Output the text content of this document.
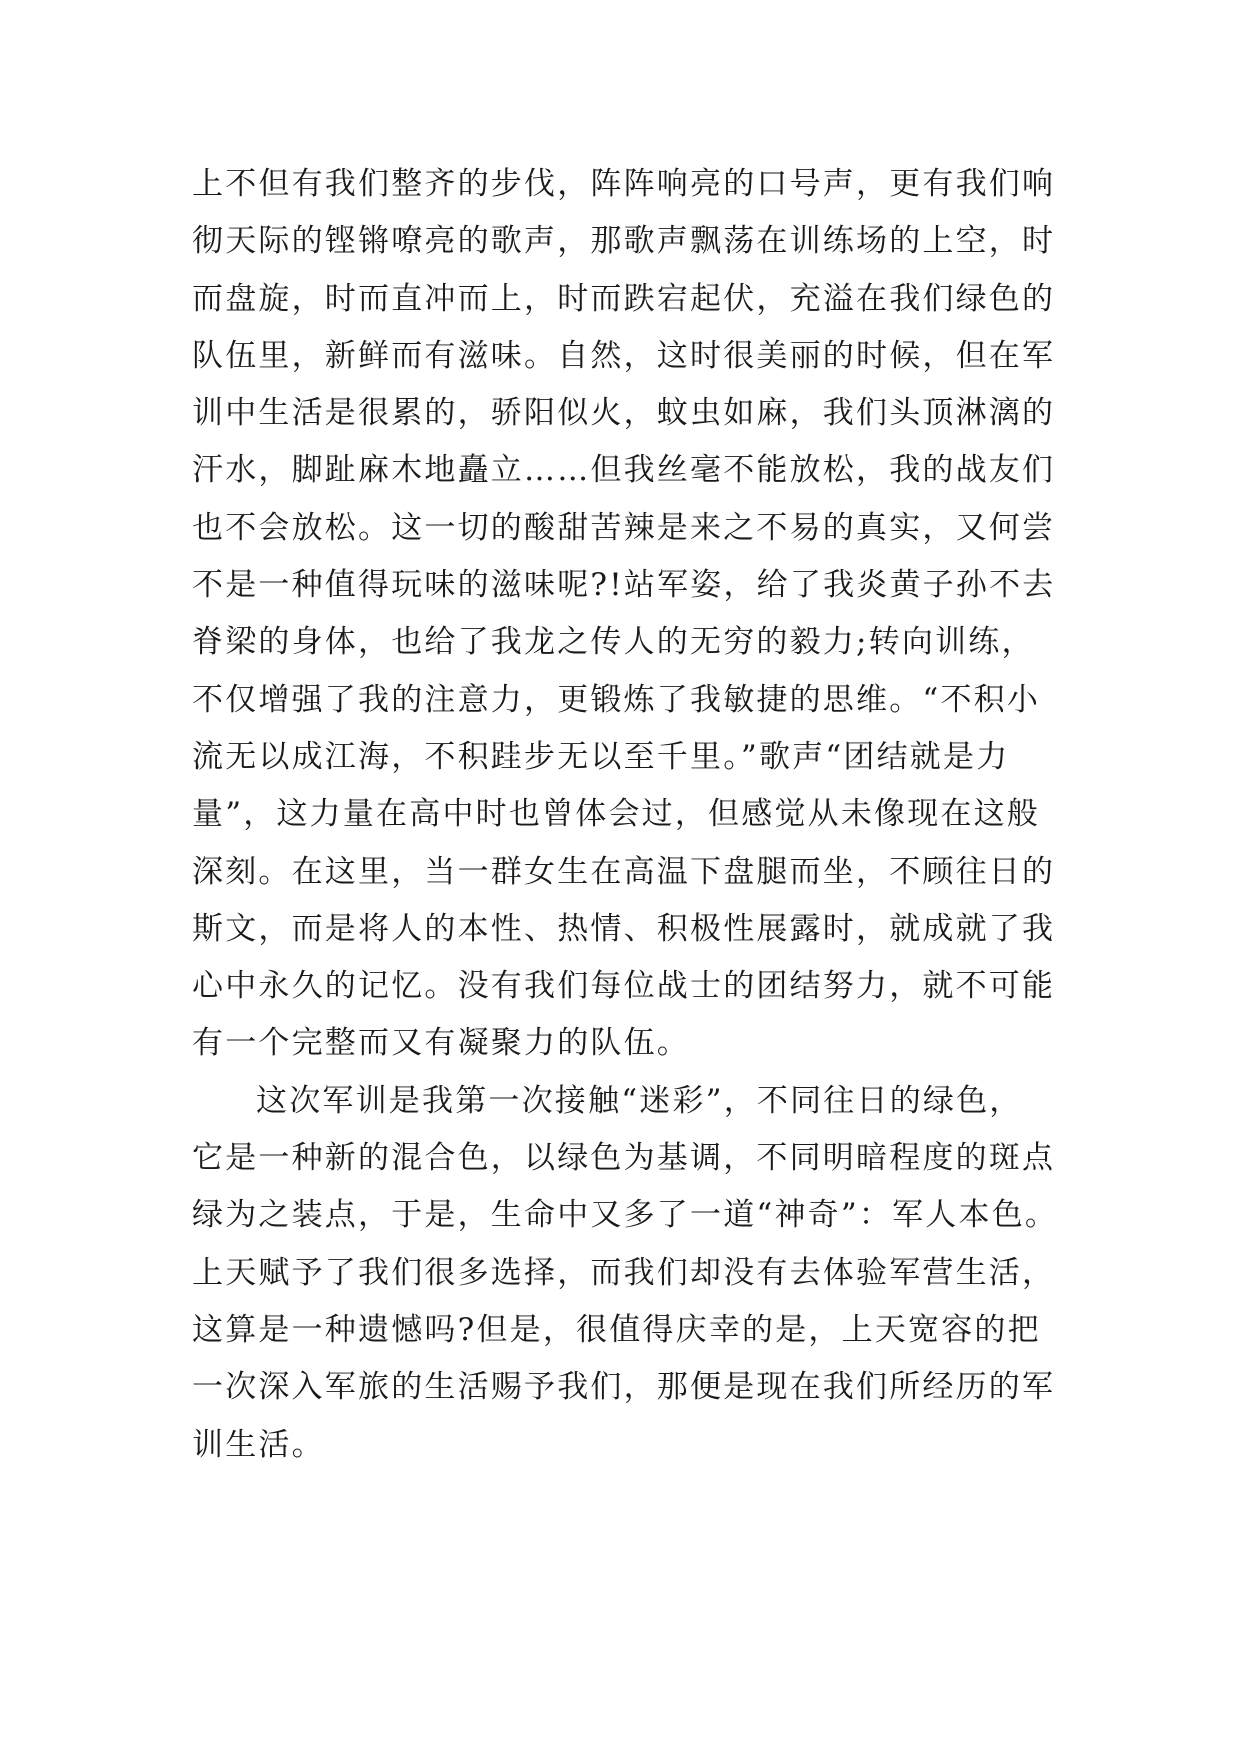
上不但有我们整齐的步伐，阵阵响亮的口号声，更有我们响
彻天际的铿锵嘹亮的歌声，那歌声飘荡在训练场的上空，时
而盘旋，时而直冲而上，时而跌宕起伏，充溢在我们绿色的
队伍里，新鲜而有滋味。自然，这时很美丽的时候，但在军
训中生活是很累的，骄阳似火，蚊虫如麻，我们头顶淋漓的
汗水，脚趾麻木地矗立……但我丝毫不能放松，我的战友们
也不会放松。这一切的酸甜苦辣是来之不易的真实，又何尝
不是一种值得玩味的滋味呢?!站军姿，给了我炎黄子孙不去
脊梁的身体，也给了我龙之传人的无穷的毅力;转向训练，
不仅增强了我的注意力，更锻炼了我敏捷的思维。“不积小
流无以成江海，不积跬步无以至千里。”歌声“团结就是力
量”，这力量在高中时也曾体会过，但感觉从未像现在这般
深刻。在这里，当一群女生在高温下盘腿而坐，不顾往日的
斯文，而是将人的本性、热情、积极性展露时，就成就了我
心中永久的记忆。没有我们每位战士的团结努力，就不可能
有一个完整而又有凝聚力的队伍。
这次军训是我第一次接触“迷彩”，不同往日的绿色，
它是一种新的混合色，以绿色为基调，不同明暗程度的斑点
绿为之装点，于是，生命中又多了一道“神奇”：军人本色。
上天赋予了我们很多选择，而我们却没有去体验军营生活，
这算是一种遗憾吗?但是，很值得庆幸的是，上天宽容的把
一次深入军旅的生活赐予我们，那便是现在我们所经历的军
训生活。
